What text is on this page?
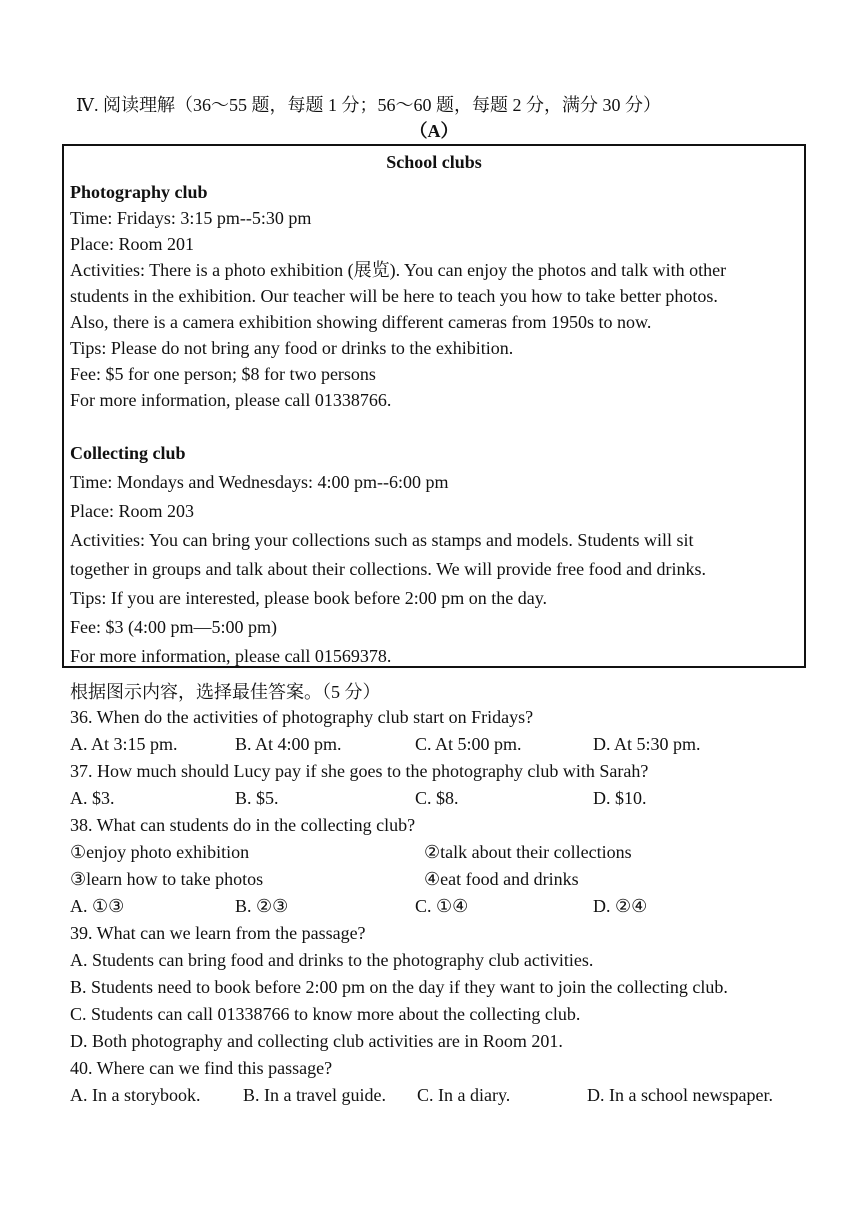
Ⅳ. 阅读理解（36～55 题，每题 1 分；56～60 题，每题 2 分，满分 30 分）
（A）
School clubs
Photography club
Time: Fridays: 3:15 pm--5:30 pm
Place: Room 201
Activities: There is a photo exhibition (展览). You can enjoy the photos and talk with other
students in the exhibition. Our teacher will be here to teach you how to take better photos.
Also, there is a camera exhibition showing different cameras from 1950s to now.
Tips: Please do not bring any food or drinks to the exhibition.
Fee: $5 for one person; $8 for two persons
For more information, please call 01338766.
Collecting club
Time: Mondays and Wednesdays: 4:00 pm--6:00 pm
Place: Room 203
Activities: You can bring your collections such as stamps and models. Students will sit
together in groups and talk about their collections. We will provide free food and drinks.
Tips: If you are interested, please book before 2:00 pm on the day.
Fee: $3 (4:00 pm—5:00 pm)
For more information, please call 01569378.
根据图示内容，选择最佳答案。（5 分）
36. When do the activities of photography club start on Fridays?
A. At 3:15 pm.	B. At 4:00 pm.	C. At 5:00 pm.	D. At 5:30 pm.
37. How much should Lucy pay if she goes to the photography club with Sarah?
A. $3.	B. $5.	C. $8.	D. $10.
38. What can students do in the collecting club?
①enjoy photo exhibition	②talk about their collections
③learn how to take photos	④eat food and drinks
A. ①③	B. ②③	C. ①④	D. ②④
39. What can we learn from the passage?
A. Students can bring food and drinks to the photography club activities.
B. Students need to book before 2:00 pm on the day if they want to join the collecting club.
C. Students can call 01338766 to know more about the collecting club.
D. Both photography and collecting club activities are in Room 201.
40. Where can we find this passage?
A. In a storybook.	B. In a travel guide.	C. In a diary.	D. In a school newspaper.
